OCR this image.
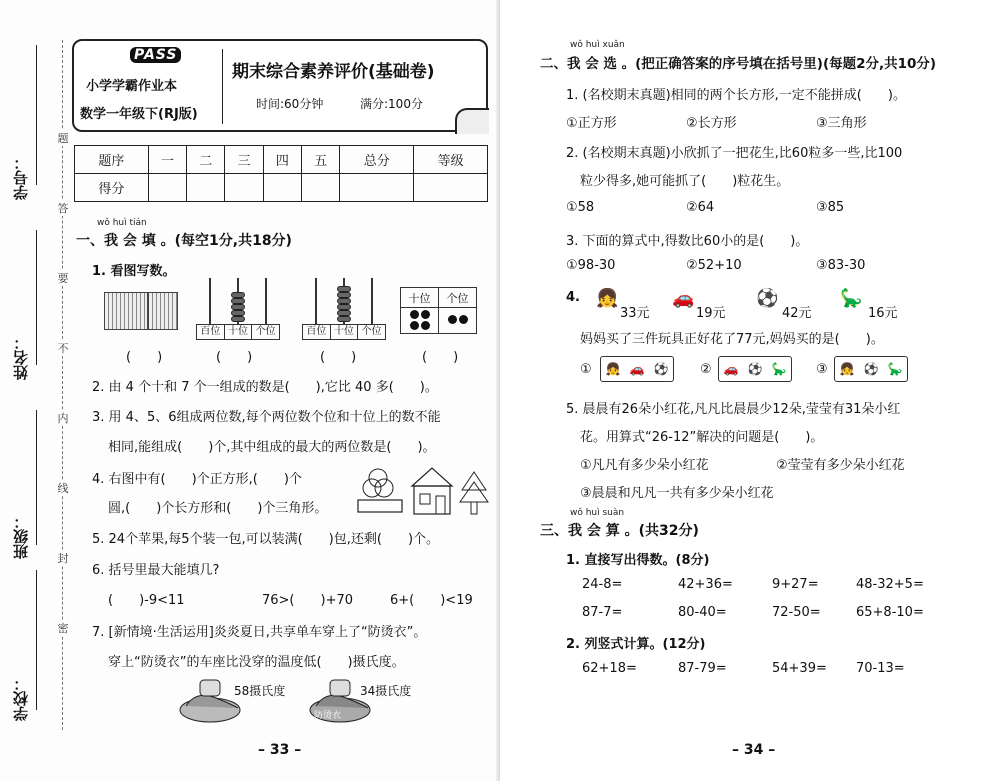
学校：
班级：
姓名：
学号：
题
答
要
不
内
线
封
密
PASS
小学学霸作业本
数学一年级下(RJ版)
期末综合素养评价(基础卷)
时间:60分钟	满分:100分
题序	一	二	三	四	五	总分	等级
得分							
wǒ huì tián
一、我 会 填 。(每空1分,共18分)
1. 看图写数。
百位 十位 个位	百位 十位 个位
十位	个位

(　　)	(　　)	(　　)	(　　)
2. 由 4 个十和 7 个一组成的数是(　　),它比 40 多(　　)。
3. 用 4、5、6组成两位数,每个两位数个位和十位上的数不能
相同,能组成(　　)个,其中组成的最大的两位数是(　　)。
4. 右图中有(　　)个正方形,(　　)个
圆,(　　)个长方形和(　　)个三角形。
5. 24个苹果,每5个装一包,可以装满(　　)包,还剩(　　)个。
6. 括号里最大能填几?
(　　)-9<11	76>(　　)+70	6+(　　)<19
7. [新情境·生活运用]炎炎夏日,共享单车穿上了“防烫衣”。
穿上“防烫衣”的车座比没穿的温度低(　　)摄氏度。
58摄氏度
防烫衣
34摄氏度
– 33 –
wǒ huì xuǎn
二、我 会 选 。(把正确答案的序号填在括号里)(每题2分,共10分)
1. (名校期末真题)相同的两个长方形,一定不能拼成(　　)。
①正方形	②长方形	③三角形
2. (名校期末真题)小欣抓了一把花生,比60粒多一些,比100
粒少得多,她可能抓了(　　)粒花生。
①58	②64	③85
3. 下面的算式中,得数比60小的是(　　)。
①98-30	②52+10	③83-30
4. 👧
33元
🚗
19元
⚽
42元
🦕
16元
妈妈买了三件玩具正好花了77元,妈妈买的是(　　)。
① 👧 🚗 ⚽ ② 🚗 ⚽ 🦕 ③ 👧 ⚽ 🦕
5. 晨晨有26朵小红花,凡凡比晨晨少12朵,莹莹有31朵小红
花。用算式“26-12”解决的问题是(　　)。
①凡凡有多少朵小红花	②莹莹有多少朵小红花
③晨晨和凡凡一共有多少朵小红花
wǒ huì suàn
三、我 会 算 。(共32分)
1. 直接写出得数。(8分)
24-8=	42+36=	9+27=	48-32+5=
87-7=	80-40=	72-50=	65+8-10=
2. 列竖式计算。(12分)
62+18=	87-79=	54+39= 70-13=
– 34 –
